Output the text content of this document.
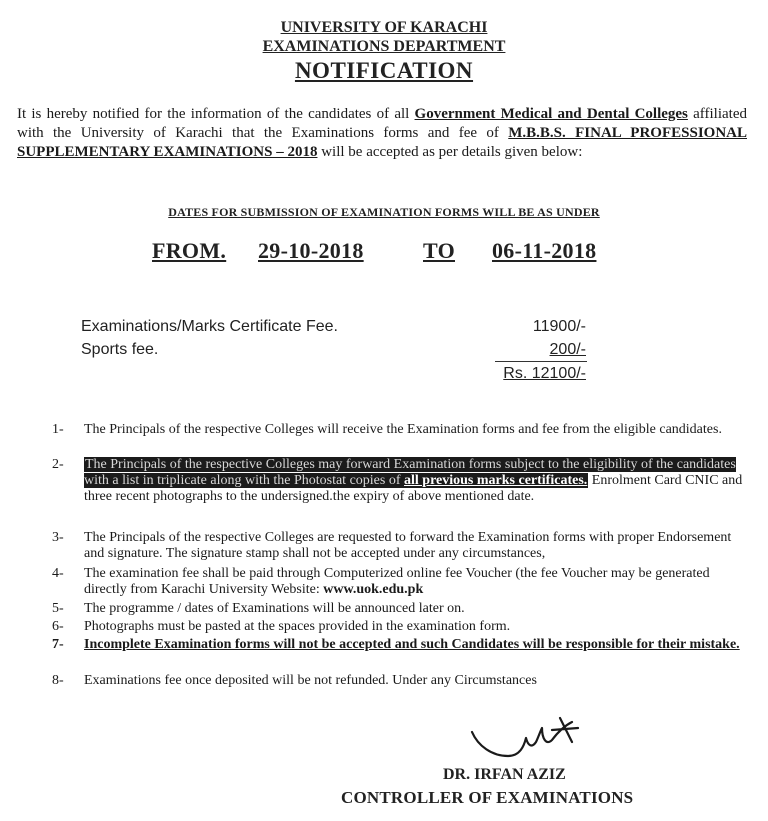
UNIVERSITY OF KARACHI
EXAMINATIONS DEPARTMENT
NOTIFICATION
It is hereby notified for the information of the candidates of all Government Medical and Dental Colleges affiliated with the University of Karachi that the Examinations forms and fee of M.B.B.S. FINAL PROFESSIONAL SUPPLEMENTARY EXAMINATIONS – 2018 will be accepted as per details given below:
DATES FOR SUBMISSION OF EXAMINATION FORMS WILL BE AS UNDER
FROM. 29-10-2018	TO 06-11-2018
Examinations/Marks Certificate Fee.	11900/-
Sports fee.	200/-
Rs. 12100/-
1- The Principals of the respective Colleges will receive the Examination forms and fee from the eligible candidates.
2- The Principals of the respective Colleges may forward Examination forms subject to the eligibility of the candidates with a list in triplicate along with the Photostat copies of all previous marks certificates. Enrolment Card CNIC and three recent photographs to the undersigned.the expiry of above mentioned date.
3- The Principals of the respective Colleges are requested to forward the Examination forms with proper Endorsement and signature. The signature stamp shall not be accepted under any circumstances,
4- The examination fee shall be paid through Computerized online fee Voucher (the fee Voucher may be generated directly from Karachi University Website: www.uok.edu.pk
5- The programme / dates of Examinations will be announced later on.
6- Photographs must be pasted at the spaces provided in the examination form.
7- Incomplete Examination forms will not be accepted and such Candidates will be responsible for their mistake.
8- Examinations fee once deposited will be not refunded. Under any Circumstances
DR. IRFAN AZIZ
CONTROLLER OF EXAMINATIONS
